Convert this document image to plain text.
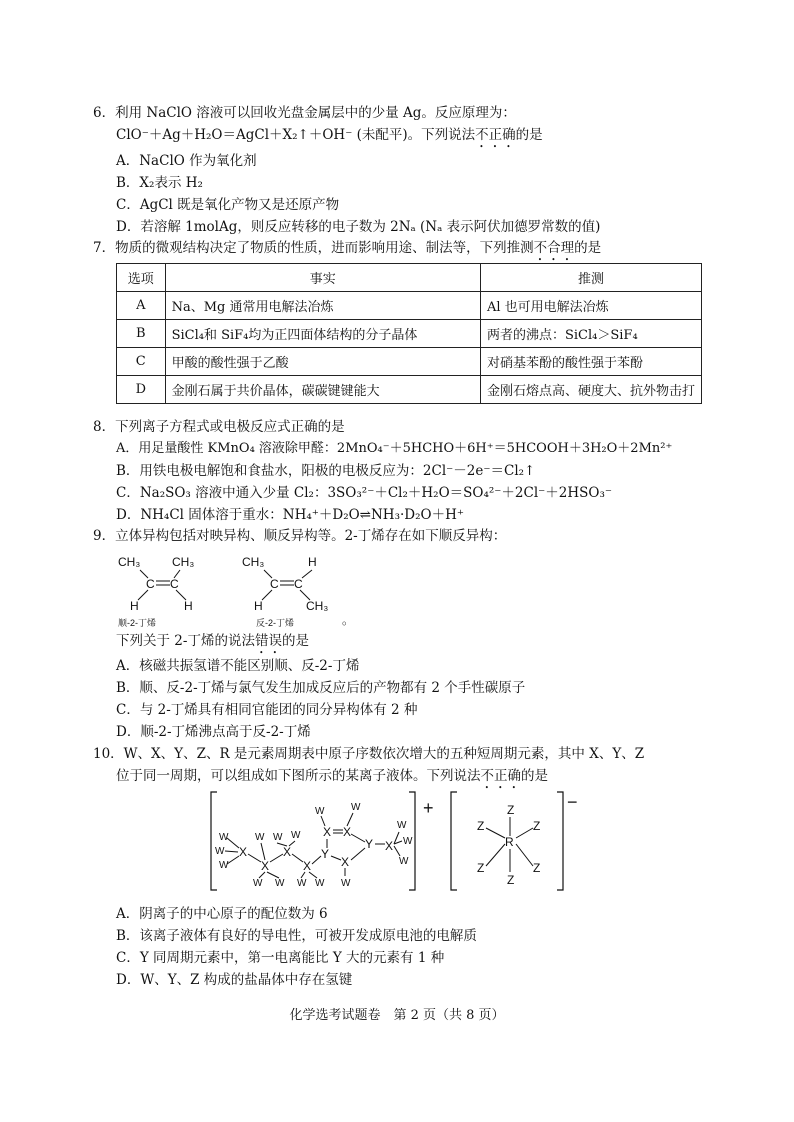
6．利用 NaClO 溶液可以回收光盘金属层中的少量 Ag。反应原理为：
ClO⁻＋Ag＋H₂O＝AgCl＋X₂↑＋OH⁻ (未配平)。下列说法不正确的是
A．NaClO 作为氧化剂
B．X₂表示 H₂
C．AgCl 既是氧化产物又是还原产物
D．若溶解 1molAg，则反应转移的电子数为 2Nₐ (Nₐ 表示阿伏加德罗常数的值)
7．物质的微观结构决定了物质的性质，进而影响用途、制法等，下列推测不合理的是
选项	事实	推测
A	Na、Mg 通常用电解法冶炼	Al 也可用电解法冶炼
B	SiCl₄和 SiF₄均为正四面体结构的分子晶体	两者的沸点：SiCl₄＞SiF₄
C	甲酸的酸性强于乙酸	对硝基苯酚的酸性强于苯酚
D	金刚石属于共价晶体，碳碳键键能大	金刚石熔点高、硬度大、抗外物击打
8．下列离子方程式或电极反应式正确的是
A．用足量酸性 KMnO₄ 溶液除甲醛：2MnO₄⁻＋5HCHO＋6H⁺＝5HCOOH＋3H₂O＋2Mn²⁺
B．用铁电极电解饱和食盐水，阳极的电极反应为：2Cl⁻－2e⁻＝Cl₂↑
C．Na₂SO₃ 溶液中通入少量 Cl₂：3SO₃²⁻＋Cl₂＋H₂O＝SO₄²⁻＋2Cl⁻＋2HSO₃⁻
D．NH₄Cl 固体溶于重水：NH₄⁺＋D₂O⇌NH₃·D₂O＋H⁺
9．立体异构包括对映异构、顺反异构等。2-丁烯存在如下顺反异构：
CH₃	CH₃
C C
H	H
顺-2-丁烯
CH₃	H
C C
H	CH₃
反-2-丁烯	。
下列关于 2-丁烯的说法错误的是
A．核磁共振氢谱不能区别顺、反-2-丁烯
B．顺、反-2-丁烯与氯气发生加成反应后的产物都有 2 个手性碳原子
C．与 2-丁烯具有相同官能团的同分异构体有 2 种
D．顺-2-丁烯沸点高于反-2-丁烯
10．W、X、Y、Z、R 是元素周期表中原子序数依次增大的五种短周期元素，其中 X、Y、Z
位于同一周期，可以组成如下图所示的某离子液体。下列说法不正确的是
+	−
X
X
X
X
Y
X X
Y
X
X
W
W
W
W W W
W W W W
W	W
W
W
W
W
R
Z
Z
Z	Z
Z	Z
A．阴离子的中心原子的配位数为 6
B．该离子液体有良好的导电性，可被开发成原电池的电解质
C．Y 同周期元素中，第一电离能比 Y 大的元素有 1 种
D．W、Y、Z 构成的盐晶体中存在氢键
化学选考试题卷　第 2 页（共 8 页）
